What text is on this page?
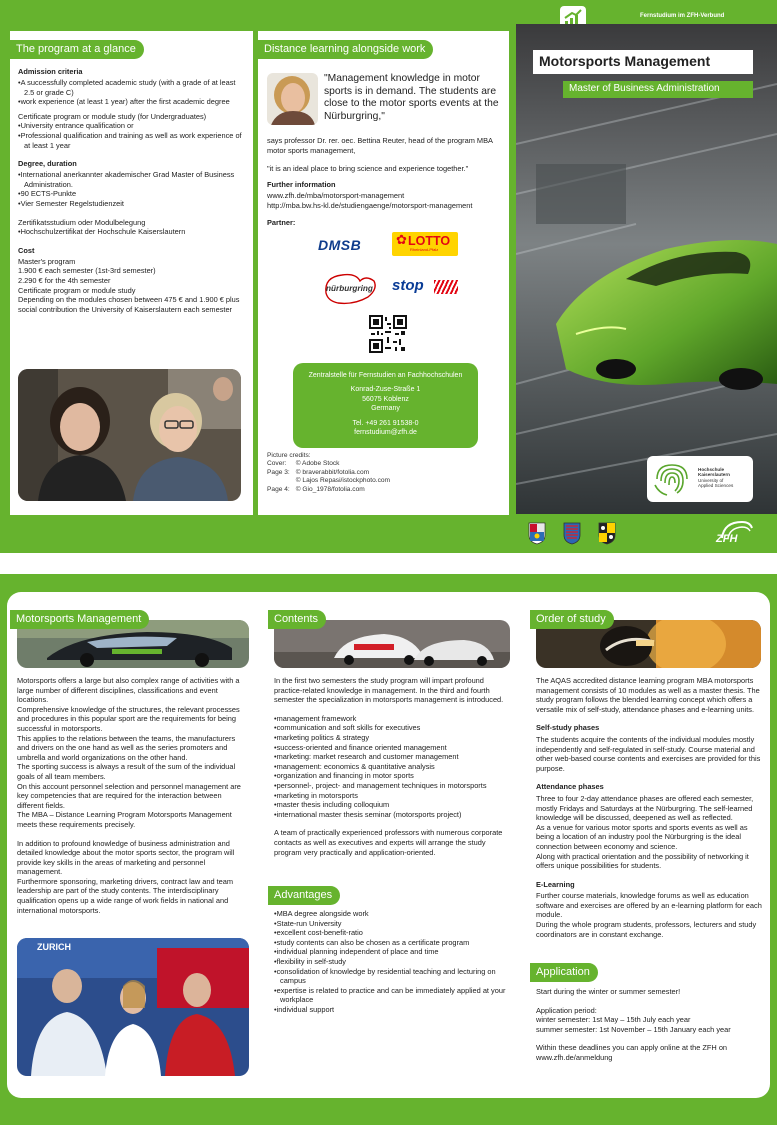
The program at a glance
Admission criteria
• A successfully completed academic study (with a grade of at least 2.5 or grade C)
• work experience (at least 1 year) after the first academic degree
Certificate program or module study (for Undergraduates)
• University entrance qualification or
• Professional qualification and training as well as work experience of at least 1 year
Degree, duration
• International anerkannter akademischer Grad Master of Business Administration.
• 90 ECTS-Punkte
• Vier Semester Regelstudienzeit
Zertifikatsstudium oder Modulbelegung
• Hochschulzertifikat der Hochschule Kaiserslautern
Cost

Master's program

1.900 € each semester (1st-3rd semester)

2.290 € for the 4th semester

Certificate program or module study

Depending on the modules chosen between 475 € and 1.900 € plus social contribution the University of Kaiserslautern each semester

Distance learning alongside work
"Management knowledge in motor sports is in demand. The students are close to the motor sports events at the Nürburgring,"
says professor Dr. rer. oec. Bettina Reuter, head of the program MBA motor sports management,
"it is an ideal place to bring science and experience together."
Further information
www.zfh.de/mba/motorsport-management
http://mba.bw.hs-kl.de/studiengaenge/motorsport-management
Partner:
DMSB	✿ LOTTO
Rheinland-Pfalz
nürburgring stop
Zentralstelle für Fernstudien an Fachhochschulen
Konrad-Zuse-Straße 1
56075 Koblenz
Germany
Tel. +49 261 91538-0
fernstudium@zfh.de
Picture credits:
Cover:	© Adobe Stock
Page 3:	© braverabbit/fotolia.com
	© Lajos Repasi/istockphoto.com
Page 4:	© Gio_1978/fotolia.com
Fernstudium im ZFH-Verbund
Motorsports Management
Master of Business Administration
Hochschule
Kaiserslautern
University of
Applied Sciences
ZFH
Motorsports Management

Motorsports offers a large but also complex range of activities with a large number of different disciplines, classifications and event locations.

Comprehensive knowledge of the structures, the relevant processes and procedures in this popular sport are the requirements for being successful in motorsports.

This applies to the relations between the teams, the manufacturers and drivers on the one hand as well as the series promoters and umbrella and world organizations on the other hand.

The sporting success is always a result of the sum of the individual goals of all team members.

On this account personnel selection and personnel management are key competencies that are required for the interaction between different fields.

The MBA – Distance Learning Program Motorsports Management meets these requirements precisely.

In addition to profound knowledge of business administration and detailed knowledge about the motor sports sector, the program will provide key skills in the areas of marketing and personnel management.

Furthermore sponsoring, marketing drivers, contract law and team leadership are part of the study contents. The interdisciplinary qualification opens up a wide range of work fields in national and international motorsports.

ZURICH
Contents
In the first two semesters the study program will impart profound practice-related knowledge in management. In the third and fourth semester the specialization in motorsports management is introduced.
• management framework
• communication and soft skills for executives
• marketing politics & strategy
• success-oriented and finance oriented management
• marketing: market research and customer management
• management: economics & quantitative analysis
• organization and financing in motor sports
• personnel-, project- and management techniques in motorsports
• marketing in motorsports
• master thesis including colloquium
• international master thesis seminar (motorsports project)
A team of practically experienced professors with numerous corporate contacts as well as executives and experts will arrange the study program very practically and application-oriented.
Advantages
• MBA degree alongside work
• State-run University
• excellent cost-benefit-ratio
• study contents can also be chosen as a certificate program
• individual planning independent of place and time
• flexibility in self-study
• consolidation of knowledge by residential teaching and lecturing on campus
• expertise is related to practice and can be immediately applied at your workplace
• individual support
Order of study

The AQAS accredited distance learning program MBA motorsports management consists of 10 modules as well as a master thesis. The study program follows the blended learning concept which offers a versatile mix of self-study, attendance phases and e-learning units.

Self-study phases

The students acquire the contents of the individual modules mostly independently and self-regulated in self-study. Course material and other web-based course contents and exercises are provided for this purpose.

Attendance phases

Three to four 2-day attendance phases are offered each semester, mostly Fridays and Saturdays at the Nürburgring. The self-learned knowledge will be discussed, deepened as well as reflected.

As a venue for various motor sports and sports events as well as being a location of an industry pool the Nürburgring is the ideal connection between economy and science.

Along with practical orientation and the possibility of networking it offers unique possibilities for students.

E-Learning

Further course materials, knowledge forums as well as education software and exercises are offered by an e-learning platform for each module.

During the whole program students, professors, lecturers and study coordinators are in constant exchange.

Application

Start during the winter or summer semester!

Application period:

winter semester: 1st May – 15th July each year

summer semester: 1st November – 15th January each year

Within these deadlines you can apply online at the ZFH on www.zfh.de/anmeldung
